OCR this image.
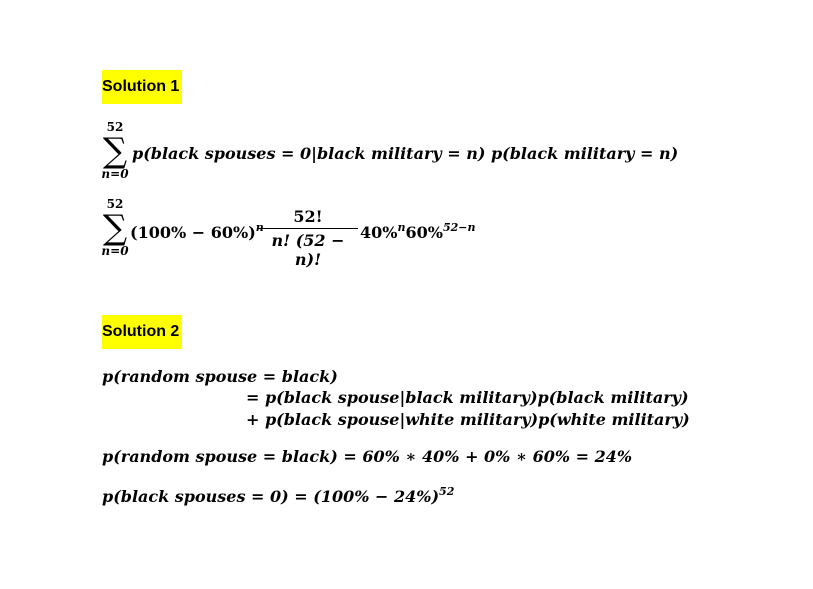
Solution 1
52
∑
n=0
p(black spouses = 0|black military = n) p(black military = n)
52
∑
n=0
$(100\% - 60\%)^n$
$\frac{52!}{n! (52 - n)!} 40\%^n60\%^{52-n}$
Solution 2
p(random spouse = black)
= p(black spouse|black military)p(black military)
+ p(black spouse|white military)p(white military)
p(random spouse = black) = 60% ∗ 40% + 0% ∗ 60% = 24%
p(black spouses = $0) = (100\% - 24\%)^{52}$
